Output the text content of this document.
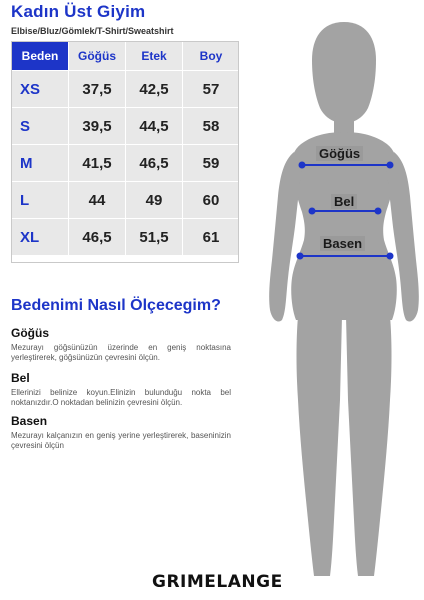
Kadın Üst Giyim
Elbise/Bluz/Gömlek/T-Shirt/Sweatshirt
Beden	Göğüs	Etek	Boy
XS	37,5	42,5	57
S	39,5	44,5	58
M	41,5	46,5	59
L	44	49	60
XL	46,5	51,5	61
Bedenimi Nasıl Ölçecegim?
Göğüs

Mezurayı göğsünüzün üzerinde en geniş noktasına yerleştirerek, göğsünüzün çevresini ölçün.

Bel

Ellerinizi belinize koyun.Elinizin bulunduğu nokta bel noktanızdır.O noktadan belinizin çevresini ölçün.

Basen

Mezurayı kalçanızın en geniş yerine yerleştirerek, baseninizin çevresini ölçün

Göğüs
Bel
Basen
GRIMELANGE
